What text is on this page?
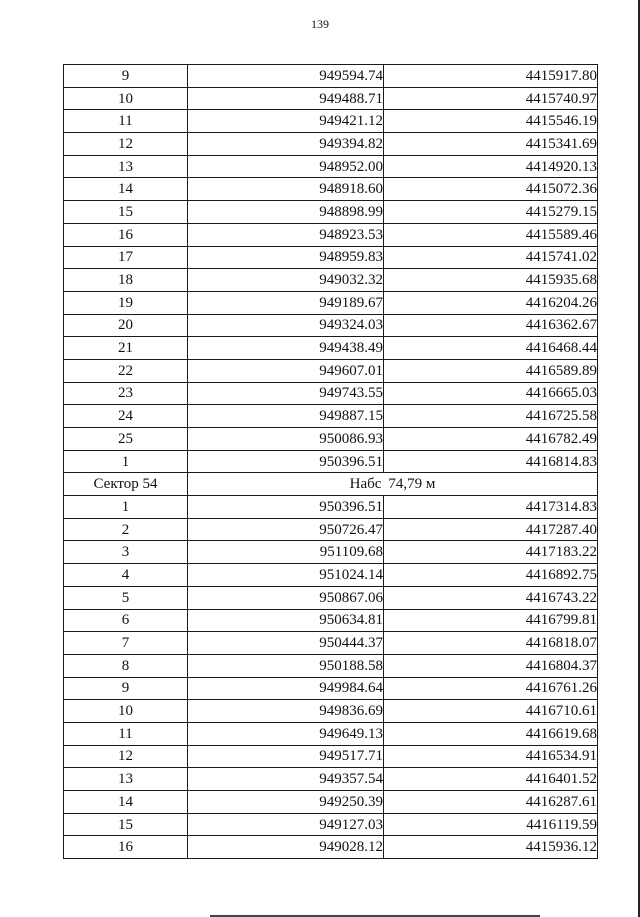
139
9	949594.74	4415917.80
10	949488.71	4415740.97
11	949421.12	4415546.19
12	949394.82	4415341.69
13	948952.00	4414920.13
14	948918.60	4415072.36
15	948898.99	4415279.15
16	948923.53	4415589.46
17	948959.83	4415741.02
18	949032.32	4415935.68
19	949189.67	4416204.26
20	949324.03	4416362.67
21	949438.49	4416468.44
22	949607.01	4416589.89
23	949743.55	4416665.03
24	949887.15	4416725.58
25	950086.93	4416782.49
1	950396.51	4416814.83
Сектор 54	Набс 74,79 м	
1	950396.51	4417314.83
2	950726.47	4417287.40
3	951109.68	4417183.22
4	951024.14	4416892.75
5	950867.06	4416743.22
6	950634.81	4416799.81
7	950444.37	4416818.07
8	950188.58	4416804.37
9	949984.64	4416761.26
10	949836.69	4416710.61
11	949649.13	4416619.68
12	949517.71	4416534.91
13	949357.54	4416401.52
14	949250.39	4416287.61
15	949127.03	4416119.59
16	949028.12	4415936.12
